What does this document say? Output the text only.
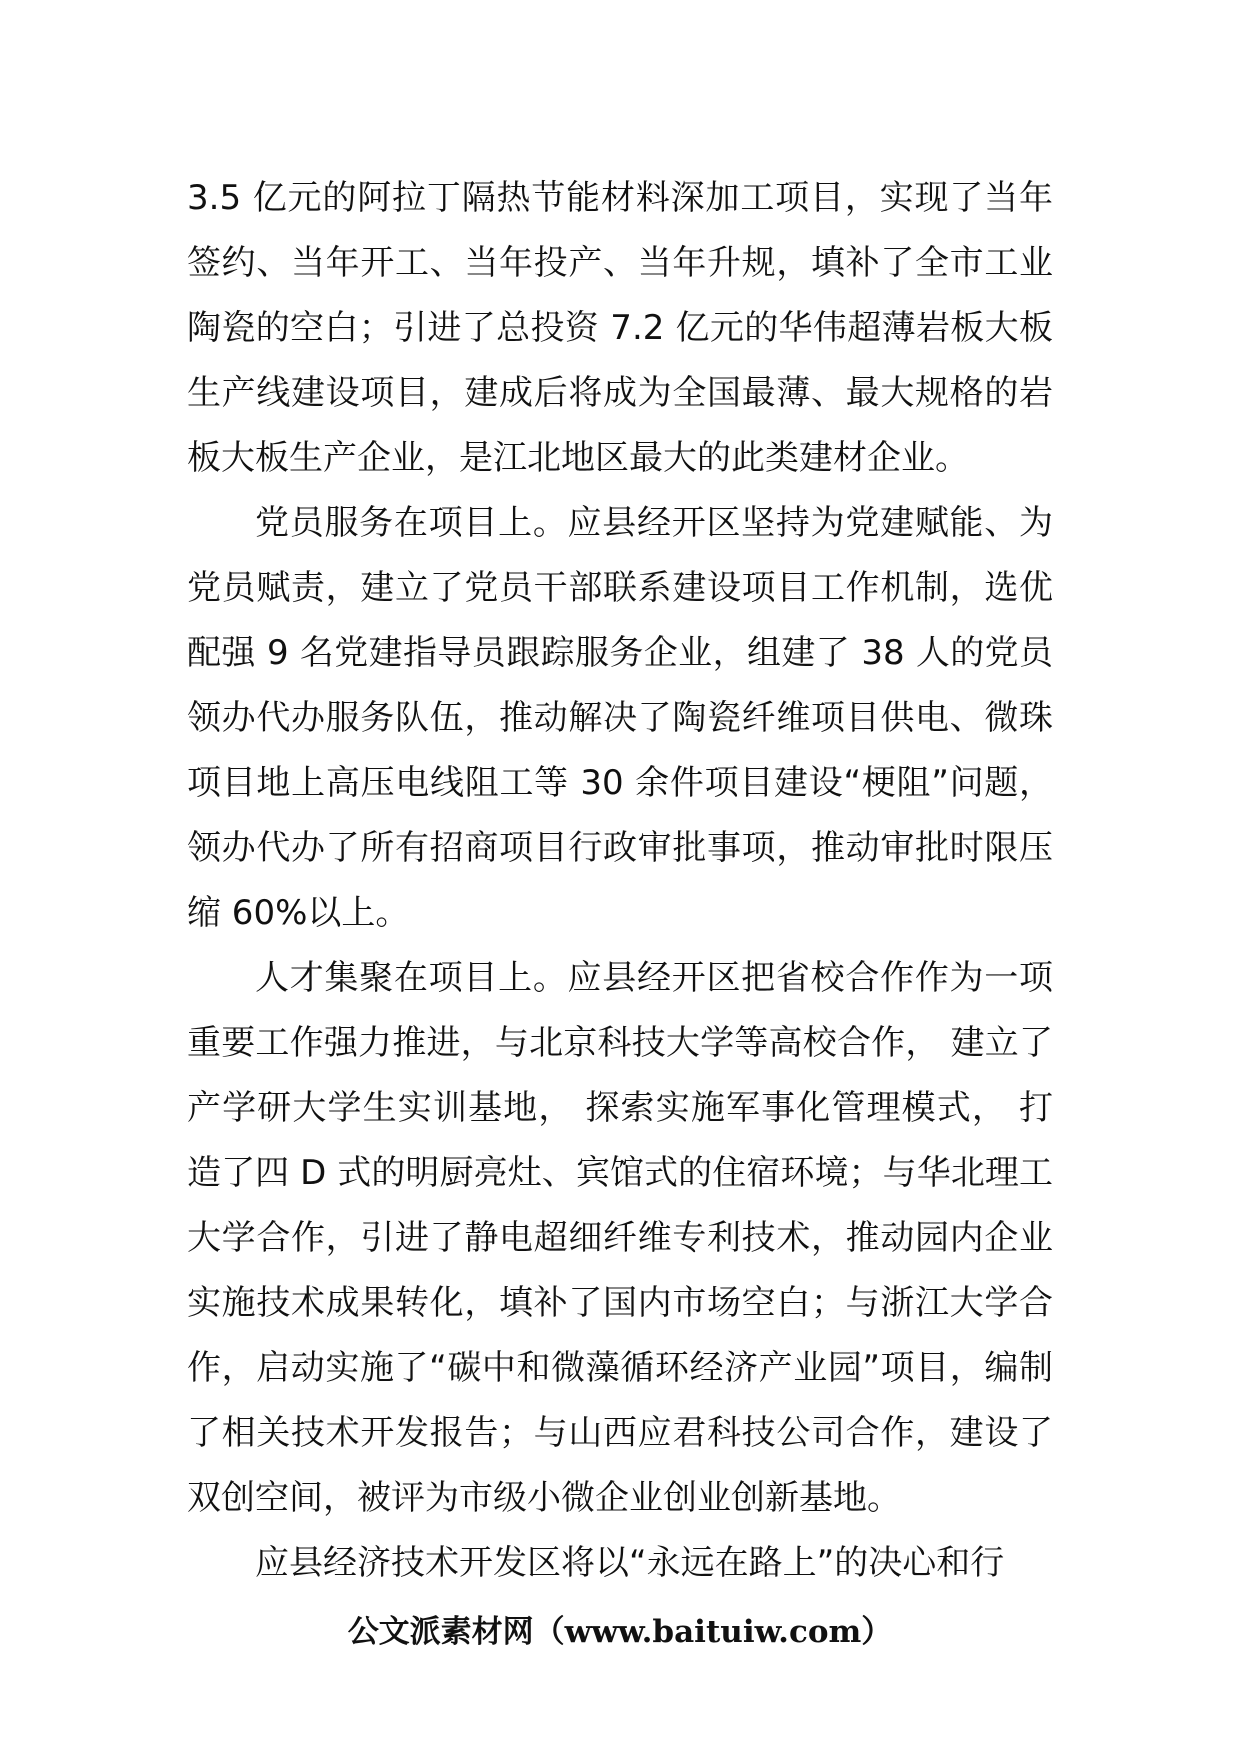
3.5 亿元的阿拉丁隔热节能材料深加工项目，实现了当年签约、当年开工、当年投产、当年升规，填补了全市工业陶瓷的空白；引进了总投资 7.2 亿元的华伟超薄岩板大板生产线建设项目，建成后将成为全国最薄、最大规格的岩板大板生产企业，是江北地区最大的此类建材企业。

党员服务在项目上。应县经开区坚持为党建赋能、为党员赋责，建立了党员干部联系建设项目工作机制，选优配强 9 名党建指导员跟踪服务企业，组建了 38 人的党员领办代办服务队伍，推动解决了陶瓷纤维项目供电、微珠项目地上高压电线阻工等 30 余件项目建设“梗阻”问题，领办代办了所有招商项目行政审批事项，推动审批时限压缩 60%以上。

人才集聚在项目上。应县经开区把省校合作作为一项重要工作强力推进，与北京科技大学等高校合作， 建立了产学研大学生实训基地， 探索实施军事化管理模式， 打造了四 D 式的明厨亮灶、宾馆式的住宿环境；与华北理工大学合作，引进了静电超细纤维专利技术，推动园内企业实施技术成果转化，填补了国内市场空白；与浙江大学合作，启动实施了“碳中和微藻循环经济产业园”项目，编制了相关技术开发报告；与山西应君科技公司合作，建设了双创空间，被评为市级小微企业创业创新基地。

应县经济技术开发区将以“永远在路上”的决心和行

公文派素材网（www.baituiw.com）
